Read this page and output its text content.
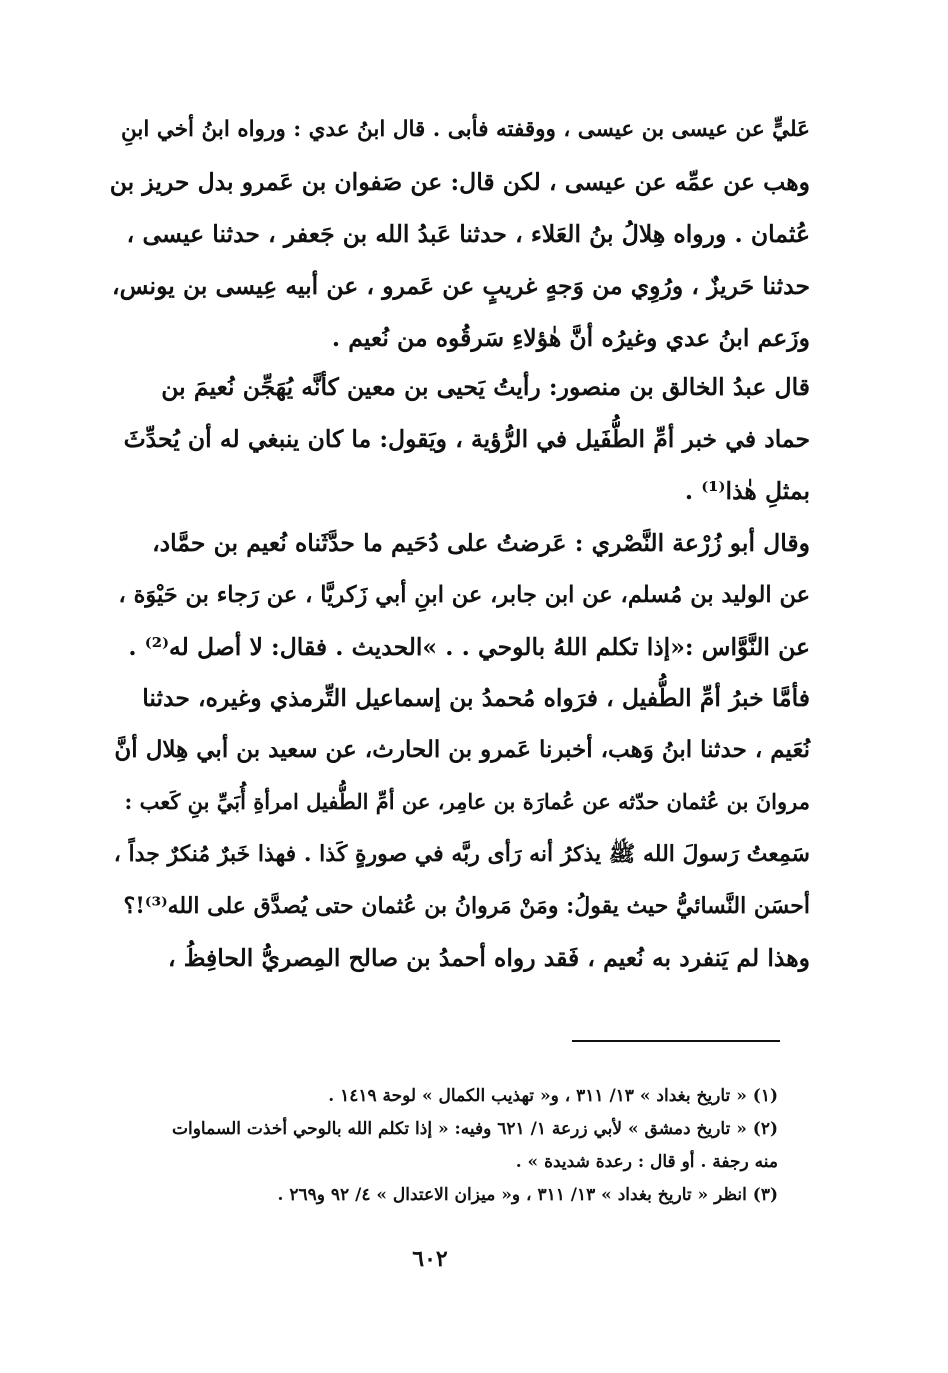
عَليٍّ عن عيسى بن عيسى ، ووقفته فأبى . قال ابنُ عدي : ورواه ابنُ أخي ابنِ
وهب عن عمِّه عن عيسى ، لكن قال: عن صَفوان بن عَمرو بدل حريز بن
عُثمان . ورواه هِلالُ بنُ العَلاء ، حدثنا عَبدُ الله بن جَعفر ، حدثنا عيسى ،
حدثنا حَريزٌ ، ورُوِي من وَجهٍ غريبٍ عن عَمرو ، عن أبيه عِيسى بن يونس،
وزَعم ابنُ عدي وغيرُه أنَّ هٰؤلاءِ سَرقُوه من نُعيم .
قال عبدُ الخالق بن منصور: رأيتُ يَحيى بن معين كأنَّه يُهَجِّن نُعيمَ بن
حماد في خبر أمِّ الطُّفَيل في الرُّؤية ، ويَقول: ما كان ينبغي له أن يُحدِّثَ
بمثلِ هٰذا⁽¹⁾ .
وقال أبو زُرْعة النَّصْري : عَرضتُ على دُحَيم ما حدَّثَناه نُعيم بن حمَّاد،
عن الوليد بن مُسلم، عن ابن جابر، عن ابنِ أبي زَكريَّا ، عن رَجاء بن حَيْوَة ،
عن النَّوَّاس :«إذا تكلم اللهُ بالوحي . . »الحديث . فقال: لا أصل له⁽²⁾ .
فأمَّا خبرُ أمِّ الطُّفيل ، فرَواه مُحمدُ بن إسماعيل التِّرمذي وغيره، حدثنا
نُعَيم ، حدثنا ابنُ وَهب، أخبرنا عَمرو بن الحارث، عن سعيد بن أبي هِلال أنَّ
مروانَ بن عُثمان حدّثه عن عُمارَة بن عامِر، عن أمِّ الطُّفيل امرأةِ أُبَيِّ بنِ كَعب :
سَمِعتُ رَسولَ الله ﷺ يذكرُ أنه رَأى ربَّه في صورةٍ كَذا . فهذا خَبرٌ مُنكرٌ جداً ،
أحسَن النَّسائيُّ حيث يقولُ: ومَنْ مَروانُ بن عُثمان حتى يُصدَّق على الله⁽³⁾!؟
وهذا لم يَنفرد به نُعيم ، فَقد رواه أحمدُ بن صالح المِصريُّ الحافِظُ ،
(١) « تاريخ بغداد » ١٣/ ٣١١ ، و« تهذيب الكمال » لوحة ١٤١٩ .
(٢) « تاريخ دمشق » لأبي زرعة ١/ ٦٢١ وفيه: « إذا تكلم الله بالوحي أخذت السماوات
منه رجفة . أو قال : رعدة شديدة » .
(٣) انظر « تاريخ بغداد » ١٣/ ٣١١ ، و« ميزان الاعتدال » ٤/ ٩٢ و٢٦٩ .
٦٠٢
